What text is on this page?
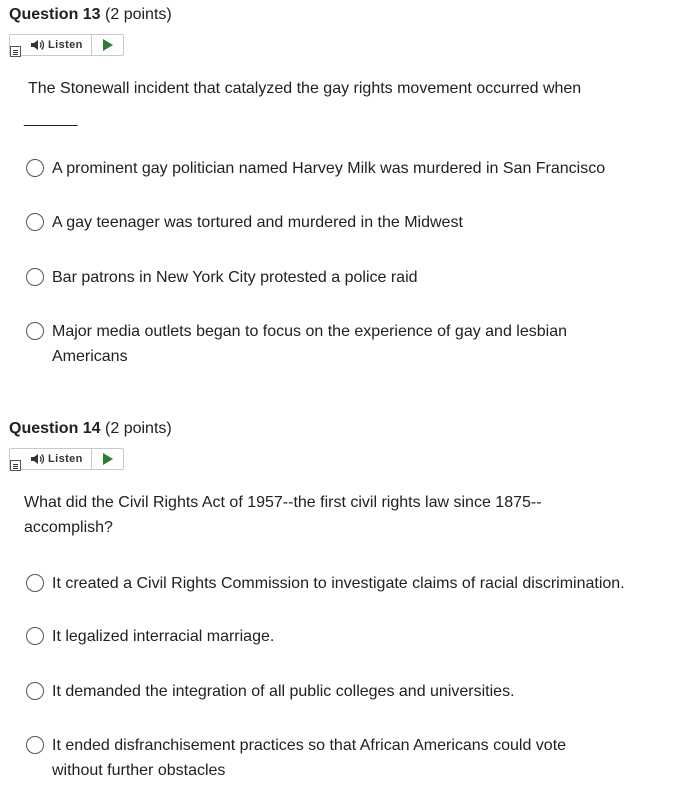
Question 13 (2 points)
Listen
The Stonewall incident that catalyzed the gay rights movement occurred when
______
A prominent gay politician named Harvey Milk was murdered in San Francisco
A gay teenager was tortured and murdered in the Midwest
Bar patrons in New York City protested a police raid
Major media outlets began to focus on the experience of gay and lesbian Americans
Question 14 (2 points)
Listen
What did the Civil Rights Act of 1957--the first civil rights law since 1875--accomplish?
It created a Civil Rights Commission to investigate claims of racial discrimination.
It legalized interracial marriage.
It demanded the integration of all public colleges and universities.
It ended disfranchisement practices so that African Americans could vote without further obstacles
